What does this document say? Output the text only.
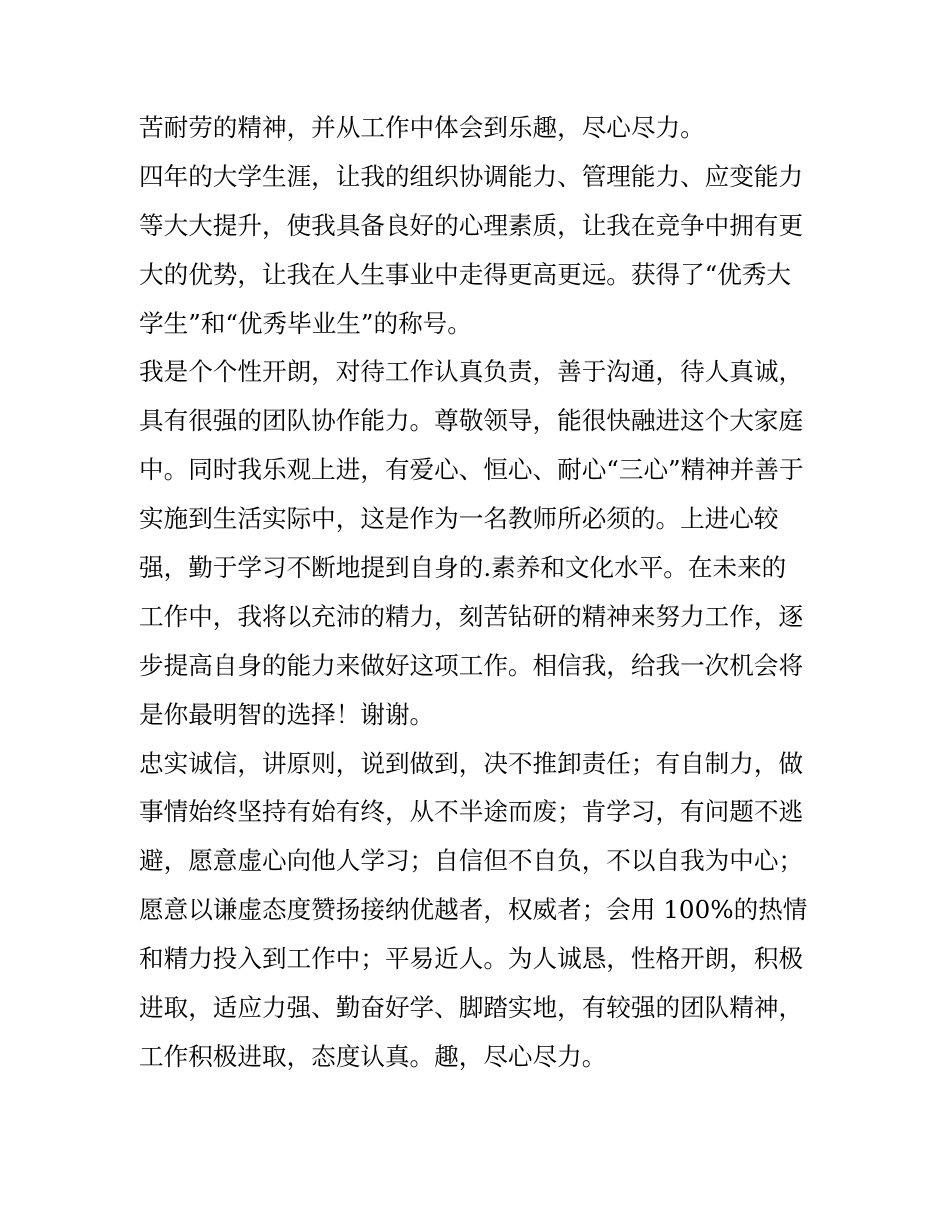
苦耐劳的精神，并从工作中体会到乐趣，尽心尽力。
四年的大学生涯，让我的组织协调能力、管理能力、应变能力
等大大提升，使我具备良好的心理素质，让我在竞争中拥有更
大的优势，让我在人生事业中走得更高更远。获得了“优秀大
学生”和“优秀毕业生”的称号。
我是个个性开朗，对待工作认真负责，善于沟通，待人真诚，
具有很强的团队协作能力。尊敬领导，能很快融进这个大家庭
中。同时我乐观上进，有爱心、恒心、耐心“三心”精神并善于
实施到生活实际中，这是作为一名教师所必须的。上进心较
强，勤于学习不断地提到自身的.素养和文化水平。在未来的
工作中，我将以充沛的精力，刻苦钻研的精神来努力工作，逐
步提高自身的能力来做好这项工作。相信我，给我一次机会将
是你最明智的选择！谢谢。
忠实诚信，讲原则，说到做到，决不推卸责任；有自制力，做
事情始终坚持有始有终，从不半途而废；肯学习，有问题不逃
避，愿意虚心向他人学习；自信但不自负，不以自我为中心；
愿意以谦虚态度赞扬接纳优越者，权威者；会用 100%的热情
和精力投入到工作中；平易近人。为人诚恳，性格开朗，积极
进取，适应力强、勤奋好学、脚踏实地，有较强的团队精神，
工作积极进取，态度认真。趣，尽心尽力。
